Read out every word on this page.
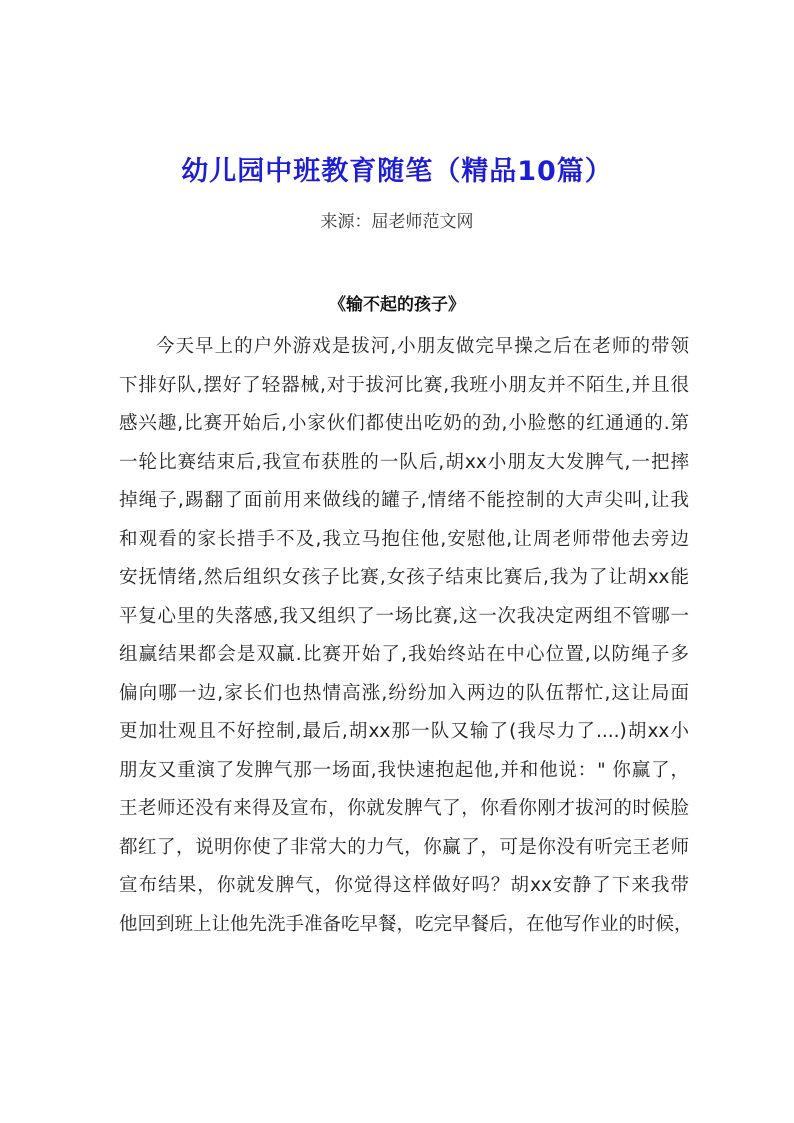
幼儿园中班教育随笔（精品10篇）
来源：屈老师范文网
《输不起的孩子》
今天早上的户外游戏是拔河,小朋友做完早操之后在老师的带领
下排好队,摆好了轻器械,对于拔河比赛,我班小朋友并不陌生,并且很
感兴趣,比赛开始后,小家伙们都使出吃奶的劲,小脸憋的红通通的.第
一轮比赛结束后,我宣布获胜的一队后,胡xx小朋友大发脾气,一把摔
掉绳子,踢翻了面前用来做线的罐子,情绪不能控制的大声尖叫,让我
和观看的家长措手不及,我立马抱住他,安慰他,让周老师带他去旁边
安抚情绪,然后组织女孩子比赛,女孩子结束比赛后,我为了让胡xx能
平复心里的失落感,我又组织了一场比赛,这一次我决定两组不管哪一
组赢结果都会是双赢.比赛开始了,我始终站在中心位置,以防绳子多
偏向哪一边,家长们也热情高涨,纷纷加入两边的队伍帮忙,这让局面
更加壮观且不好控制,最后,胡xx那一队又输了(我尽力了....)胡xx小
朋友又重演了发脾气那一场面,我快速抱起他,并和他说：" 你赢了，
王老师还没有来得及宣布，你就发脾气了，你看你刚才拔河的时候脸
都红了，说明你使了非常大的力气，你赢了，可是你没有听完王老师
宣布结果，你就发脾气，你觉得这样做好吗？胡xx安静了下来我带
他回到班上让他先洗手准备吃早餐，吃完早餐后，在他写作业的时候，
